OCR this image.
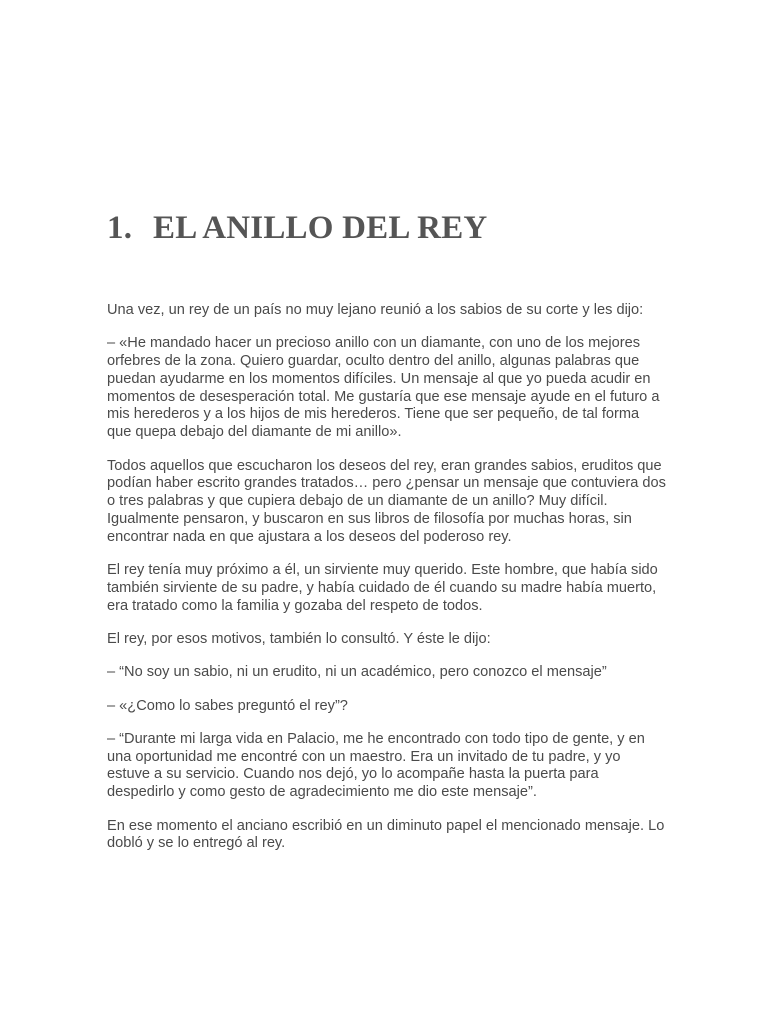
1. EL ANILLO DEL REY

Una vez, un rey de un país no muy lejano reunió a los sabios de su corte y les dijo:

– «He mandado hacer un precioso anillo con un diamante, con uno de los mejores orfebres de la zona. Quiero guardar, oculto dentro del anillo, algunas palabras que puedan ayudarme en los momentos difíciles. Un mensaje al que yo pueda acudir en momentos de desesperación total. Me gustaría que ese mensaje ayude en el futuro a mis herederos y a los hijos de mis herederos. Tiene que ser pequeño, de tal forma que quepa debajo del diamante de mi anillo».

Todos aquellos que escucharon los deseos del rey, eran grandes sabios, eruditos que podían haber escrito grandes tratados… pero ¿pensar un mensaje que contuviera dos o tres palabras y que cupiera debajo de un diamante de un anillo? Muy difícil. Igualmente pensaron, y buscaron en sus libros de filosofía por muchas horas, sin encontrar nada en que ajustara a los deseos del poderoso rey.

El rey tenía muy próximo a él, un sirviente muy querido. Este hombre, que había sido también sirviente de su padre, y había cuidado de él cuando su madre había muerto, era tratado como la familia y gozaba del respeto de todos.

El rey, por esos motivos, también lo consultó. Y éste le dijo:

– “No soy un sabio, ni un erudito, ni un académico, pero conozco el mensaje”

– «¿Como lo sabes preguntó el rey”?

– “Durante mi larga vida en Palacio, me he encontrado con todo tipo de gente, y en una oportunidad me encontré con un maestro. Era un invitado de tu padre, y yo estuve a su servicio. Cuando nos dejó, yo lo acompañe hasta la puerta para despedirlo y como gesto de agradecimiento me dio este mensaje”.

En ese momento el anciano escribió en un diminuto papel el mencionado mensaje. Lo dobló y se lo entregó al rey.
